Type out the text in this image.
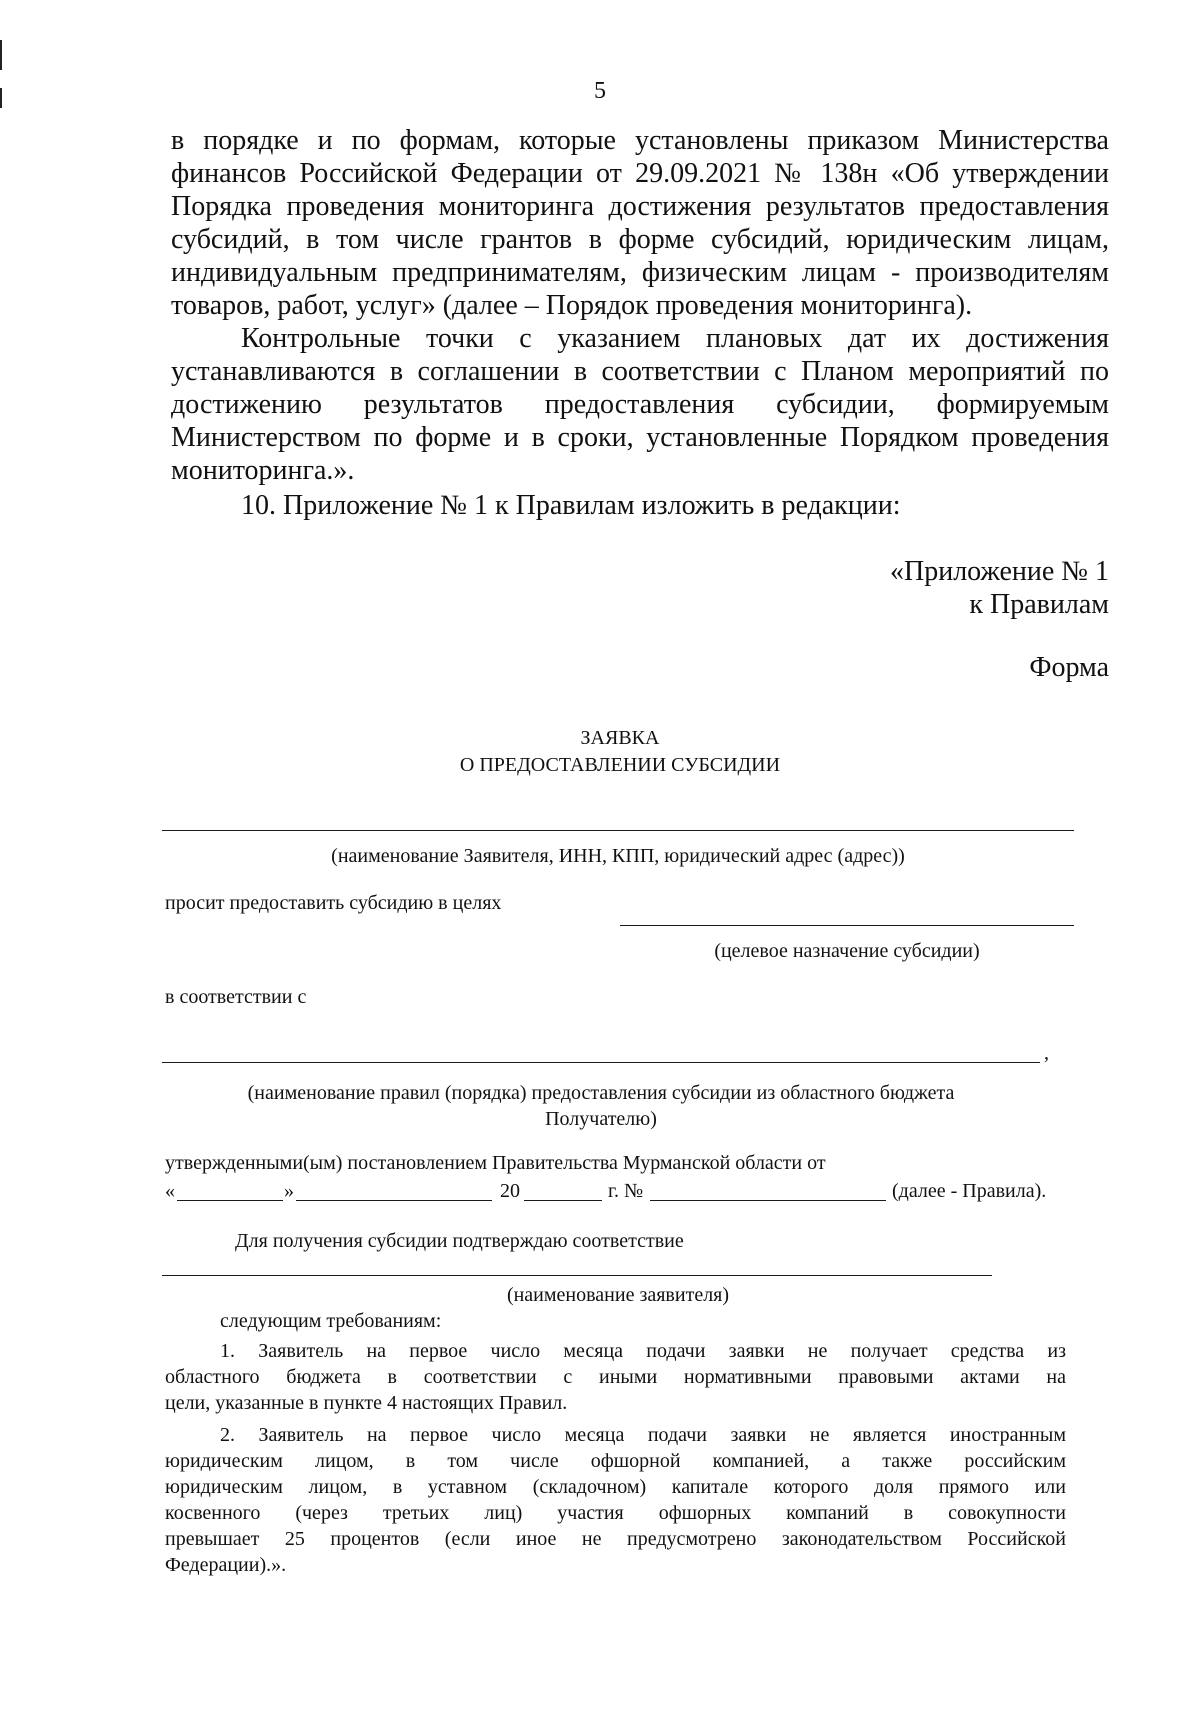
5
в порядке и по формам, которые установлены приказом Министерства
финансов Российской Федерации от 29.09.2021 № 138н «Об утверждении
Порядка проведения мониторинга достижения результатов предоставления
субсидий, в том числе грантов в форме субсидий, юридическим лицам,
индивидуальным предпринимателям, физическим лицам - производителям
товаров, работ, услуг» (далее – Порядок проведения мониторинга).
Контрольные точки с указанием плановых дат их достижения
устанавливаются в соглашении в соответствии с Планом мероприятий по
достижению результатов предоставления субсидии, формируемым
Министерством по форме и в сроки, установленные Порядком проведения
мониторинга.».
10. Приложение № 1 к Правилам изложить в редакции:
«Приложение № 1
к Правилам
Форма
ЗАЯВКА
О ПРЕДОСТАВЛЕНИИ СУБСИДИИ
(наименование Заявителя, ИНН, КПП, юридический адрес (адрес))
просит предоставить субсидию в целях
(целевое назначение субсидии)
в соответствии с
,
(наименование правил (порядка) предоставления субсидии из областного бюджета
Получателю)
утвержденными(ым) постановлением Правительства Мурманской области от
«	»	20	г. №	(далее - Правила).
Для получения субсидии подтверждаю соответствие
(наименование заявителя)
следующим требованиям:
1. Заявитель на первое число месяца подачи заявки не получает средства из
областного бюджета в соответствии с иными нормативными правовыми актами на
цели, указанные в пункте 4 настоящих Правил.
2. Заявитель на первое число месяца подачи заявки не является иностранным
юридическим лицом, в том числе офшорной компанией, а также российским
юридическим лицом, в уставном (складочном) капитале которого доля прямого или
косвенного (через третьих лиц) участия офшорных компаний в совокупности
превышает 25 процентов (если иное не предусмотрено законодательством Российской
Федерации).».
